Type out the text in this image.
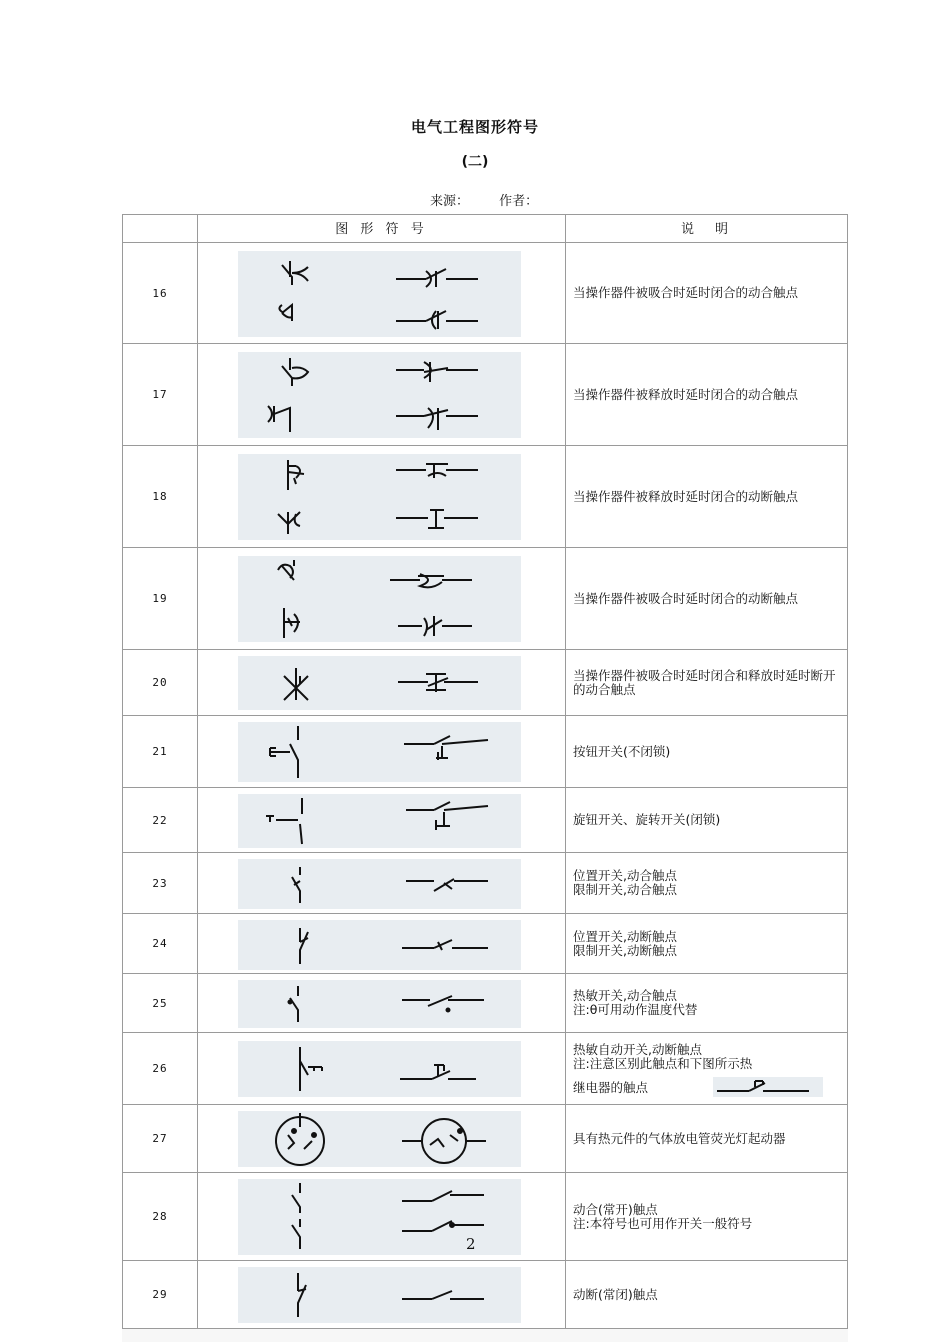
电气工程图形符号
(二)
来源： 作者：
图 形 符 号	说　明
16	当操作器件被吸合时延时闭合的动合触点
17	当操作器件被释放时延时闭合的动合触点
18	当操作器件被释放时延时闭合的动断触点
19	当操作器件被吸合时延时闭合的动断触点
20	当操作器件被吸合时延时闭合和释放时延时断开的动合触点
21	按钮开关(不闭锁)
22	旋钮开关、旋转开关(闭锁)
23	位置开关,动合触点
限制开关,动合触点
24	位置开关,动断触点
限制开关,动断触点
25	热敏开关,动合触点
注:θ可用动作温度代替
26
热敏自动开关,动断触点
注:注意区别此触点和下图所示热
继电器的触点
27	具有热元件的气体放电管荧光灯起动器
28	动合(常开)触点
注:本符号也可用作开关一般符号
29	动断(常闭)触点
2
